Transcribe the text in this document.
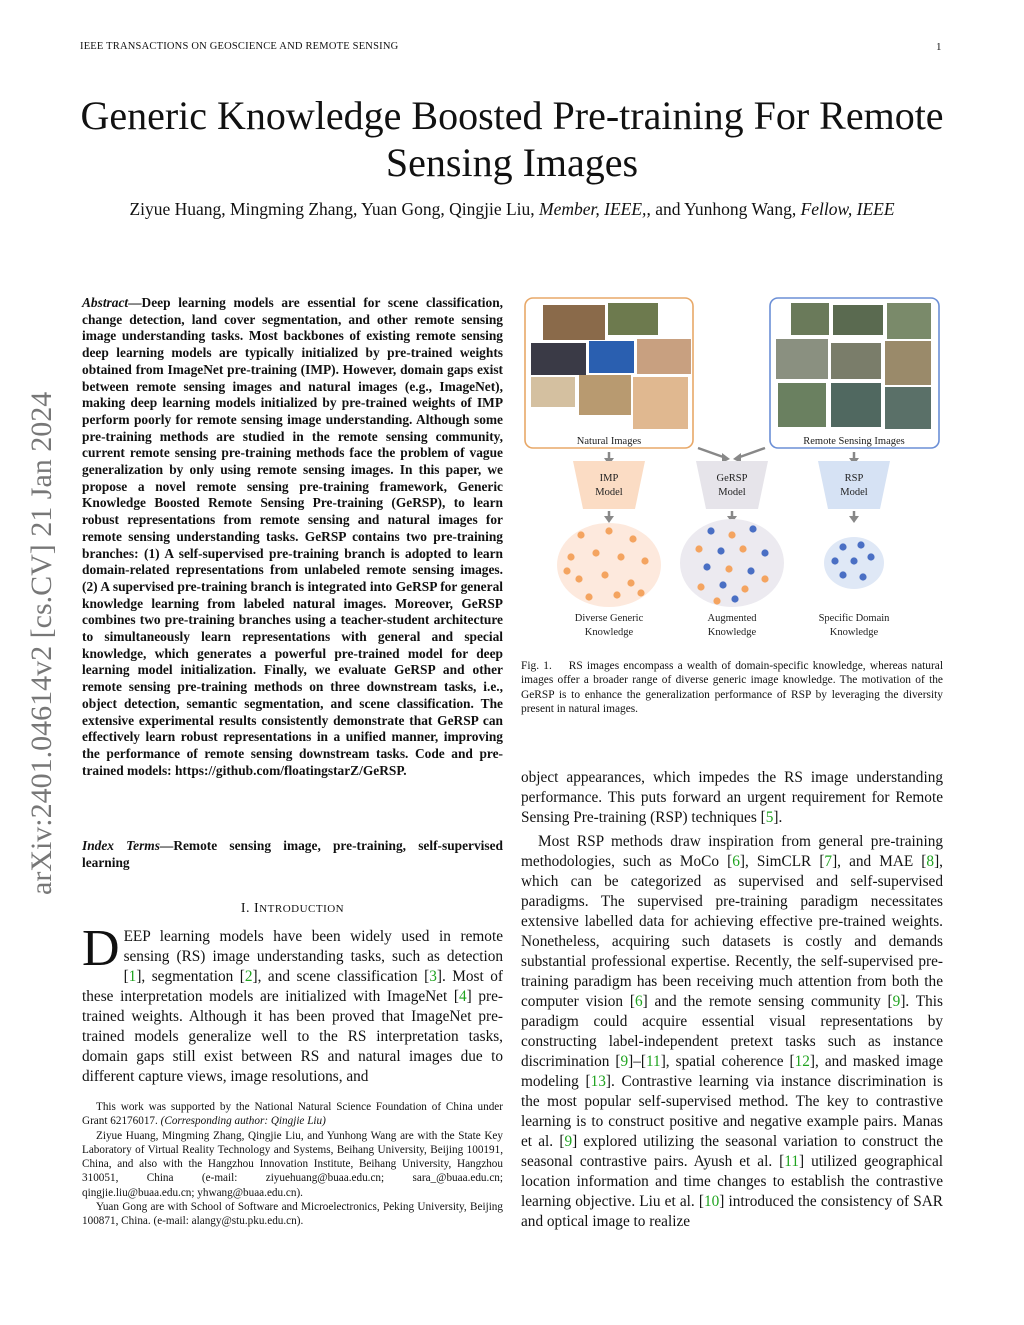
IEEE TRANSACTIONS ON GEOSCIENCE AND REMOTE SENSING	1
Generic Knowledge Boosted Pre-training For Remote Sensing Images
Ziyue Huang, Mingming Zhang, Yuan Gong, Qingjie Liu, Member, IEEE,, and Yunhong Wang, Fellow, IEEE
arXiv:2401.04614v2 [cs.CV] 21 Jan 2024
Abstract—Deep learning models are essential for scene classification, change detection, land cover segmentation, and other remote sensing image understanding tasks. Most backbones of existing remote sensing deep learning models are typically initialized by pre-trained weights obtained from ImageNet pre-training (IMP). However, domain gaps exist between remote sensing images and natural images (e.g., ImageNet), making deep learning models initialized by pre-trained weights of IMP perform poorly for remote sensing image understanding. Although some pre-training methods are studied in the remote sensing community, current remote sensing pre-training methods face the problem of vague generalization by only using remote sensing images. In this paper, we propose a novel remote sensing pre-training framework, Generic Knowledge Boosted Remote Sensing Pre-training (GeRSP), to learn robust representations from remote sensing and natural images for remote sensing understanding tasks. GeRSP contains two pre-training branches: (1) A self-supervised pre-training branch is adopted to learn domain-related representations from unlabeled remote sensing images. (2) A supervised pre-training branch is integrated into GeRSP for general knowledge learning from labeled natural images. Moreover, GeRSP combines two pre-training branches using a teacher-student architecture to simultaneously learn representations with general and special knowledge, which generates a powerful pre-trained model for deep learning model initialization. Finally, we evaluate GeRSP and other remote sensing pre-training methods on three downstream tasks, i.e., object detection, semantic segmentation, and scene classification. The extensive experimental results consistently demonstrate that GeRSP can effectively learn robust representations in a unified manner, improving the performance of remote sensing downstream tasks. Code and pre-trained models: https://github.com/floatingstarZ/GeRSP.
Index Terms—Remote sensing image, pre-training, self-supervised learning
I. INTRODUCTION
DEEP learning models have been widely used in remote sensing (RS) image understanding tasks, such as detection [1], segmentation [2], and scene classification [3]. Most of these interpretation models are initialized with ImageNet [4] pre-trained weights. Although it has been proved that ImageNet pre-trained models generalize well to the RS interpretation tasks, domain gaps still exist between RS and natural images due to different capture views, image resolutions, and

This work was supported by the National Natural Science Foundation of China under Grant 62176017. (Corresponding author: Qingjie Liu)

Ziyue Huang, Mingming Zhang, Qingjie Liu, and Yunhong Wang are with the State Key Laboratory of Virtual Reality Technology and Systems, Beihang University, Beijing 100191, China, and also with the Hangzhou Innovation Institute, Beihang University, Hangzhou 310051, China (e-mail: ziyuehuang@buaa.edu.cn; sara_@buaa.edu.cn; qingjie.liu@buaa.edu.cn; yhwang@buaa.edu.cn).

Yuan Gong are with School of Software and Microelectronics, Peking University, Beijing 100871, China. (e-mail: alangy@stu.pku.edu.cn).

Natural Images	Remote Sensing Images
IMP
Model
GeRSP
Model
RSP
Model
Diverse Generic
Knowledge
Augmented
Knowledge
Specific Domain
Knowledge
Fig. 1. RS images encompass a wealth of domain-specific knowledge, whereas natural images offer a broader range of diverse generic image knowledge. The motivation of the GeRSP is to enhance the generalization performance of RSP by leveraging the diversity present in natural images.

object appearances, which impedes the RS image understanding performance. This puts forward an urgent requirement for Remote Sensing Pre-training (RSP) techniques [5].

Most RSP methods draw inspiration from general pre-training methodologies, such as MoCo [6], SimCLR [7], and MAE [8], which can be categorized as supervised and self-supervised paradigms. The supervised pre-training paradigm necessitates extensive labelled data for achieving effective pre-trained weights. Nonetheless, acquiring such datasets is costly and demands substantial professional expertise. Recently, the self-supervised pre-training paradigm has been receiving much attention from both the computer vision [6] and the remote sensing community [9]. This paradigm could acquire essential visual representations by constructing label-independent pretext tasks such as instance discrimination [9]–[11], spatial coherence [12], and masked image modeling [13]. Contrastive learning via instance discrimination is the most popular self-supervised method. The key to contrastive learning is to construct positive and negative example pairs. Manas et al. [9] explored utilizing the seasonal variation to construct the seasonal contrastive pairs. Ayush et al. [11] utilized geographical location information and time changes to establish the contrastive learning objective. Liu et al. [10] introduced the consistency of SAR and optical image to realize
